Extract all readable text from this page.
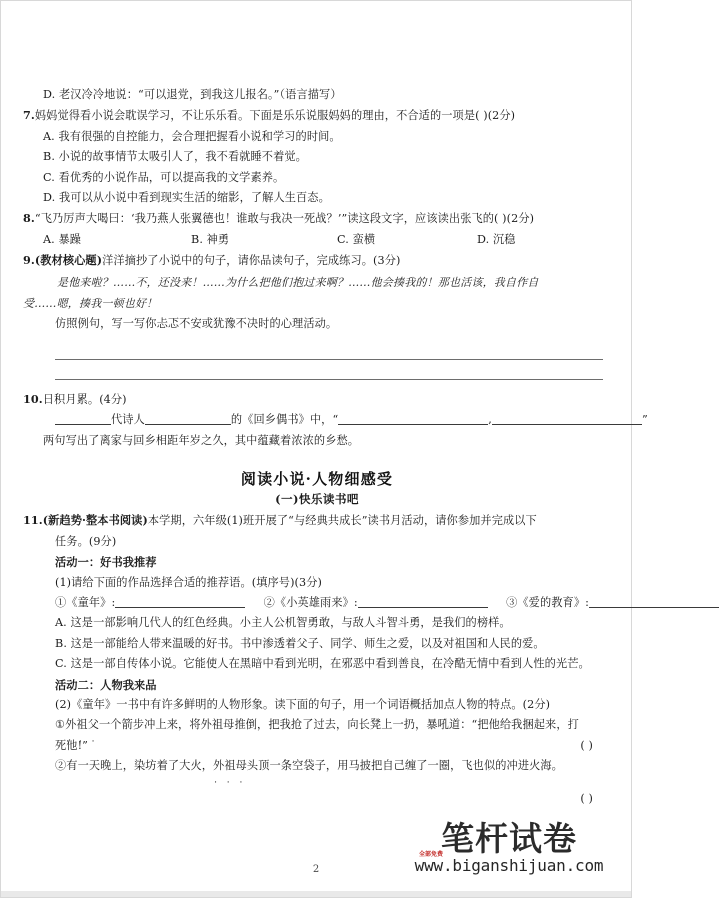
D. 老汉冷冷地说：“可以退党，到我这儿报名。”（语言描写）
7.妈妈觉得看小说会耽误学习，不让乐乐看。下面是乐乐说服妈妈的理由，不合适的一项是( )(2分)
A. 我有很强的自控能力，会合理把握看小说和学习的时间。
B. 小说的故事情节太吸引人了，我不看就睡不着觉。
C. 看优秀的小说作品，可以提高我的文学素养。
D. 我可以从小说中看到现实生活的缩影，了解人生百态。
8.“飞乃厉声大喝曰：‘我乃燕人张翼德也！谁敢与我决一死战？’”读这段文字，应该读出张飞的( )(2分)
A. 暴躁	B. 神勇	C. 蛮横	D. 沉稳
9.(教材核心题)洋洋摘抄了小说中的句子，请你品读句子，完成练习。(3分)
是他来啦？……不，还没来！……为什么把他们抱过来啊？……他会揍我的！那也活该，我自作自
受……嗯，揍我一顿也好！
仿照例句，写一写你忐忑不安或犹豫不决时的心理活动。
10.日积月累。(4分)
代诗人	的《回乡偶书》中，“	,	”
两句写出了离家与回乡相距年岁之久，其中蕴藏着浓浓的乡愁。
阅读小说·人物细感受
(一)快乐读书吧
11.(新趋势·整本书阅读)本学期，六年级(1)班开展了“与经典共成长”读书月活动，请你参加并完成以下
任务。(9分)
活动一：好书我推荐
(1)请给下面的作品选择合适的推荐语。(填序号)(3分)
①《童年》:	②《小英雄雨来》:	③《爱的教育》:
A. 这是一部影响几代人的红色经典。小主人公机智勇敢，与敌人斗智斗勇，是我们的榜样。
B. 这是一部能给人带来温暖的好书。书中渗透着父子、同学、师生之爱，以及对祖国和人民的爱。
C. 这是一部自传体小说。它能使人在黑暗中看到光明，在邪恶中看到善良，在冷酷无情中看到人性的光芒。
活动二：人物我来品
(2)《童年》一书中有许多鲜明的人物形象。读下面的句子，用一个词语概括加点人物的特点。(2分)
①外祖父 · · ·一个箭步冲上来，将外祖母推倒，把我抢了过去，向长凳上一扔，暴吼道：“把他给我捆起来，打
死他!”	( )
②有一天晚上，染坊着了大火，外祖母 · · ·头顶一条空袋子，用马披把自己缠了一圈，飞也似的冲进火海。
( )
笔杆试卷
www.biganshijuan.com
全部免费
2
